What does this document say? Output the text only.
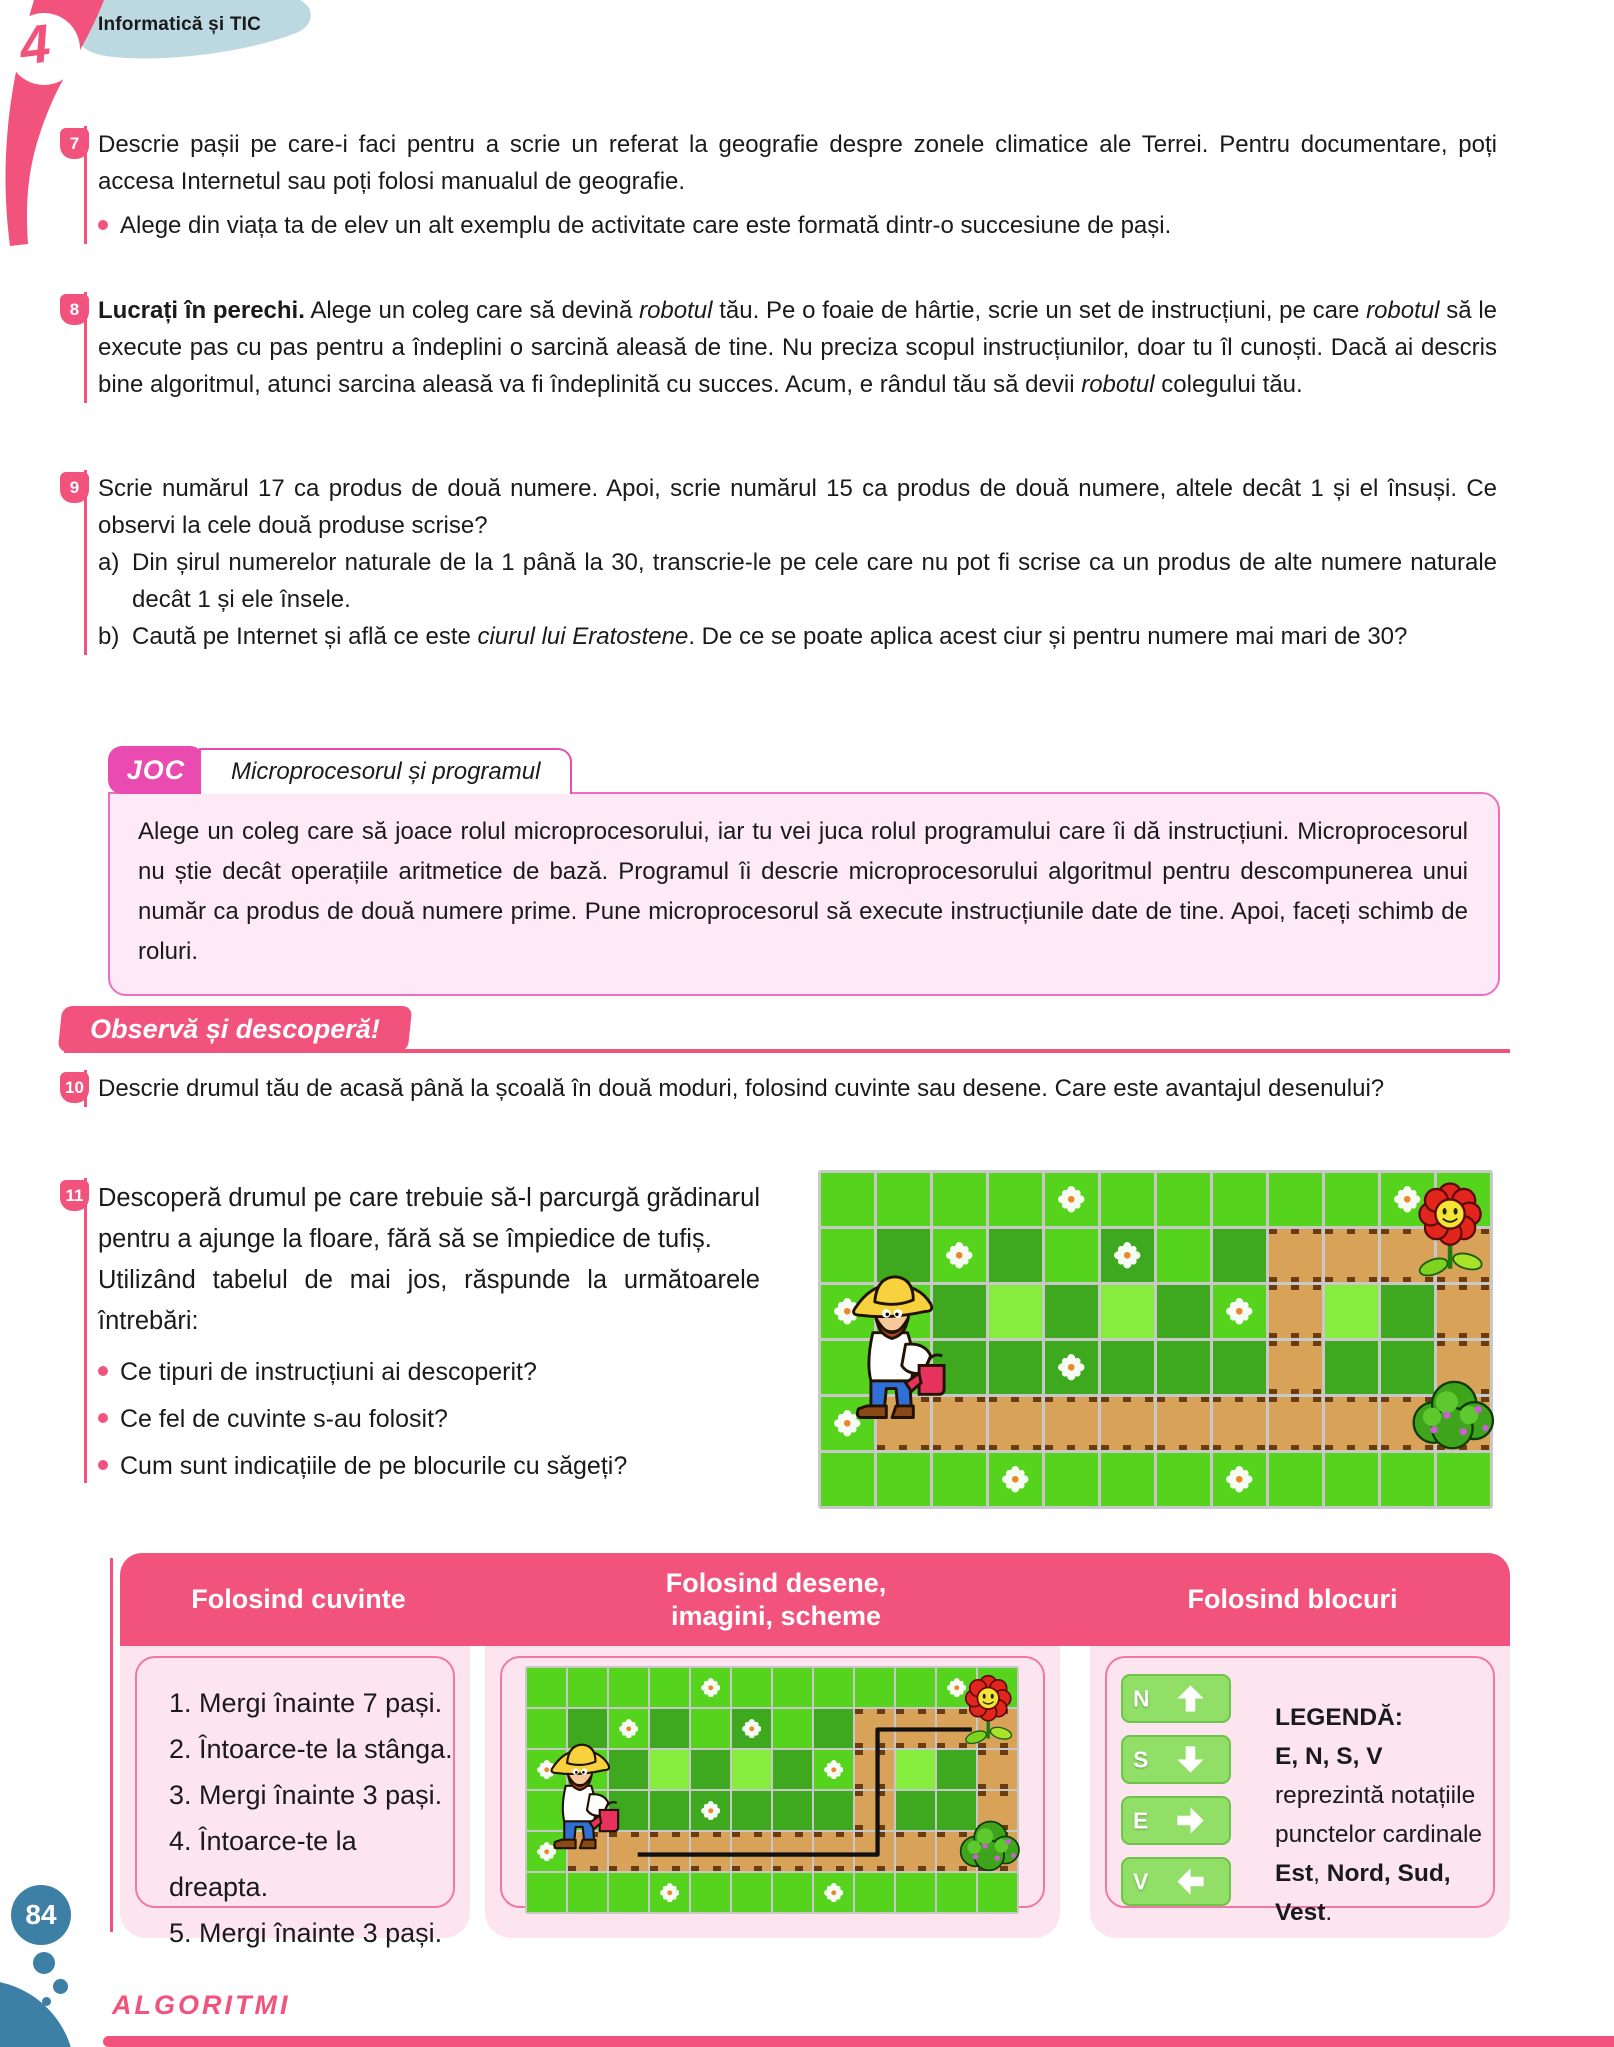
4 Informatică și TIC
7 Descrie pașii pe care-i faci pentru a scrie un referat la geografie despre zonele climatice ale Terrei. Pentru documentare, poți accesa Internetul sau poți folosi manualul de geografie.

Alege din viața ta de elev un alt exemplu de activitate care este formată dintr-o succesiune de pași.

8 Lucrați în perechi. Alege un coleg care să devină robotul tău. Pe o foaie de hârtie, scrie un set de instrucțiuni, pe care robotul să le execute pas cu pas pentru a îndeplini o sarcină aleasă de tine. Nu preciza scopul instrucțiunilor, doar tu îl cunoști. Dacă ai descris bine algoritmul, atunci sarcina aleasă va fi îndeplinită cu succes. Acum, e rândul tău să devii robotul colegului tău.

9 Scrie numărul 17 ca produs de două numere. Apoi, scrie numărul 15 ca produs de două numere, altele decât 1 și el însuși. Ce observi la cele două produse scrise?

a) Din șirul numerelor naturale de la 1 până la 30, transcrie-le pe cele care nu pot fi scrise ca un produs de alte numere naturale decât 1 și ele însele.

b) Caută pe Internet și află ce este ciurul lui Eratostene. De ce se poate aplica acest ciur și pentru numere mai mari de 30?

JOC	Microprocesorul și programul

Alege un coleg care să joace rolul microprocesorului, iar tu vei juca rolul programului care îi dă instrucțiuni. Microprocesorul nu știe decât operațiile aritmetice de bază. Programul îi descrie microprocesorului algoritmul pentru descompunerea unui număr ca produs de două numere prime. Pune microprocesorul să execute instrucțiunile date de tine. Apoi, faceți schimb de roluri.

Observă și descoperă!
10 Descrie drumul tău de acasă până la școală în două moduri, folosind cuvinte sau desene. Care este avantajul desenului?

11 Descoperă drumul pe care trebuie să-l parcurgă grădinarul pentru a ajunge la floare, fără să se împiedice de tufiș.

Utilizând tabelul de mai jos, răspunde la următoarele întrebări:

Ce tipuri de instrucțiuni ai descoperit?

Ce fel de cuvinte s-au folosit?

Cum sunt indicațiile de pe blocurile cu săgeți?

Folosind cuvinte
Folosind desene,
imagini, scheme
Folosind blocuri
1. Mergi înainte 7 pași.
2. Întoarce-te la stânga.
3. Mergi înainte 3 pași.
4. Întoarce-te la dreapta.
5. Mergi înainte 3 pași.
N
S
E
V
LEGENDĂ:
E, N, S, V reprezintă notațiile punctelor cardinale Est, Nord, Sud, Vest.
84
ALGORITMI
